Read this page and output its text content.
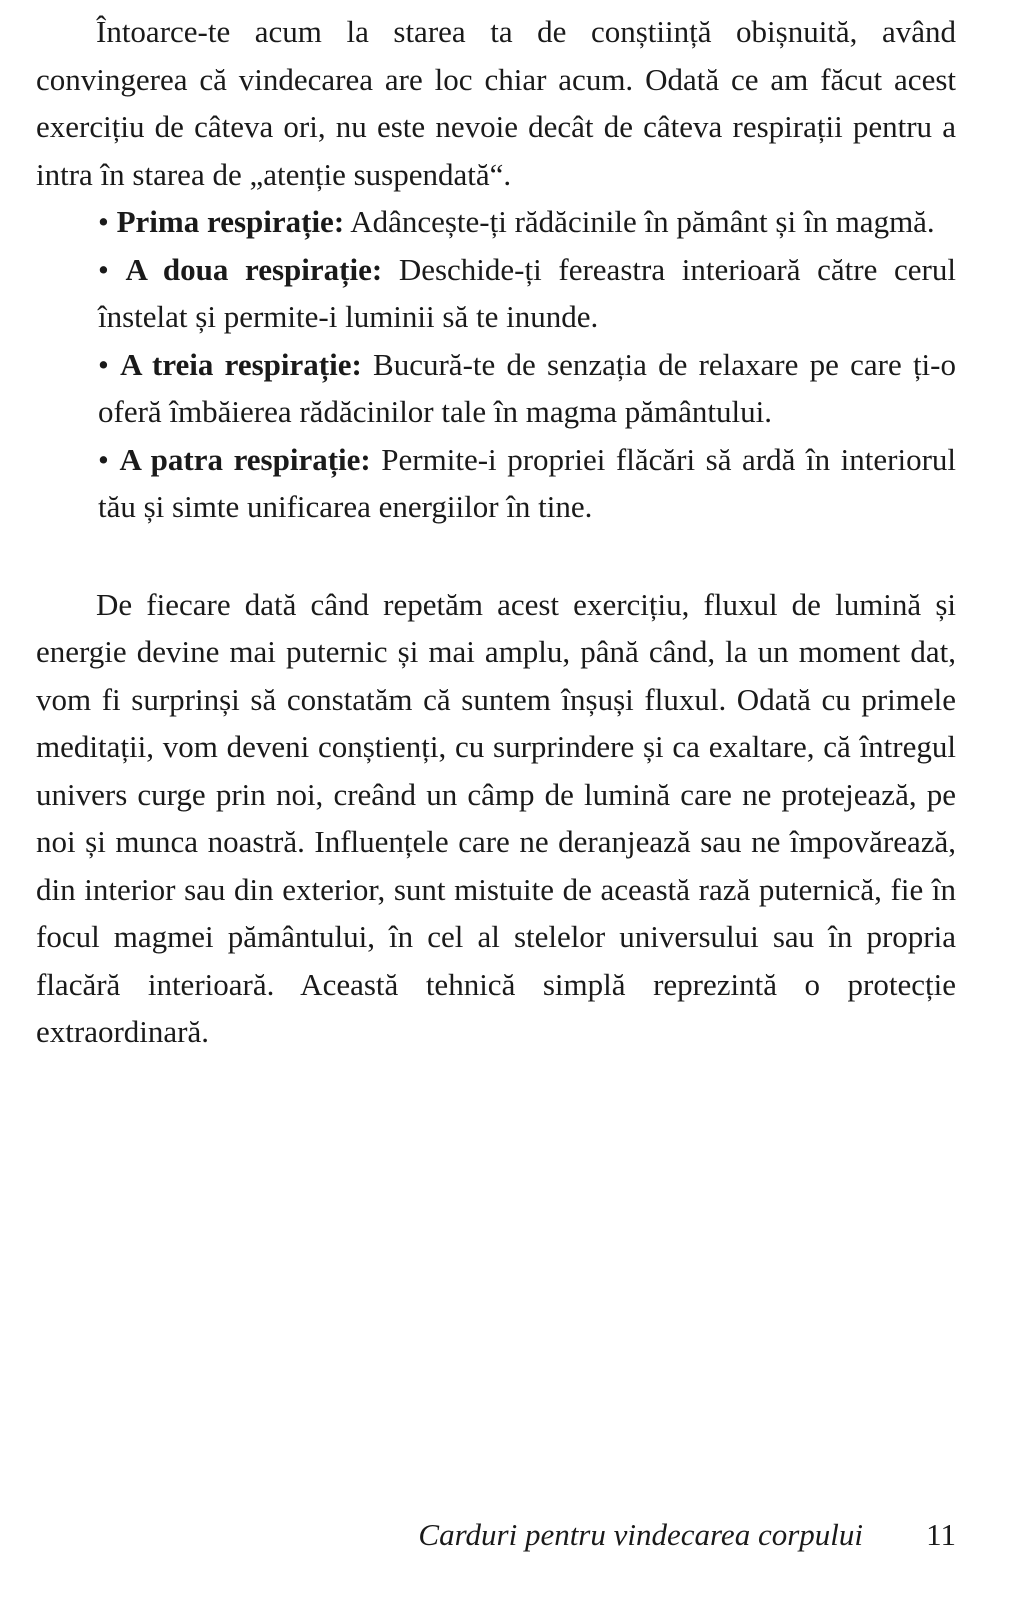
Întoarce-te acum la starea ta de conștiință obișnuită, având convingerea că vindecarea are loc chiar acum. Odată ce am făcut acest exercițiu de câteva ori, nu este nevoie decât de câteva respirații pentru a intra în starea de „atenție suspendată“.

• Prima respirație: Adâncește-ți rădăcinile în pământ și în magmă.

• A doua respirație: Deschide-ți fereastra interioară către cerul înstelat și permite-i luminii să te inunde.

• A treia respirație: Bucură-te de senzația de relaxare pe care ți-o oferă îmbăierea rădăcinilor tale în magma pământului.

• A patra respirație: Permite-i propriei flăcări să ardă în interiorul tău și simte unificarea energiilor în tine.

De fiecare dată când repetăm acest exercițiu, fluxul de lumină și energie devine mai puternic și mai amplu, până când, la un moment dat, vom fi surprinși să constatăm că suntem înșuși fluxul. Odată cu primele meditații, vom deveni conștienți, cu surprindere și ca exaltare, că întregul univers curge prin noi, creând un câmp de lumină care ne protejează, pe noi și munca noastră. Influențele care ne deranjează sau ne împovărează, din interior sau din exterior, sunt mistuite de această rază puternică, fie în focul magmei pământului, în cel al stelelor universului sau în propria flacără interioară. Această tehnică simplă reprezintă o protecție extraordinară.

Carduri pentru vindecarea corpului 11
